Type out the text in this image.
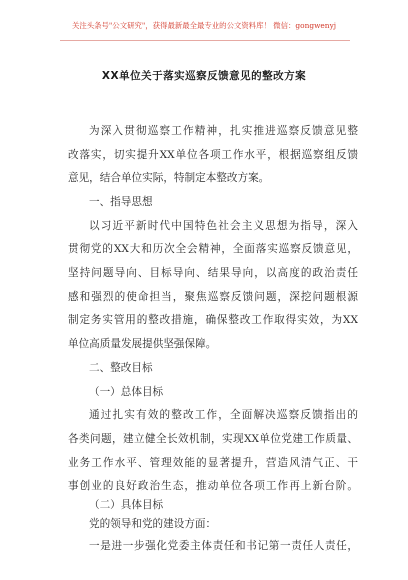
关注头条号"公文研究"，获得最新最全最专业的公文资料库！ 微信：gongwenyj
XX单位关于落实巡察反馈意见的整改方案
为深入贯彻巡察工作精神，扎实推进巡察反馈意见整
改落实，切实提升XX单位各项工作水平，根据巡察组反馈
意见，结合单位实际，特制定本整改方案。
一、指导思想
以习近平新时代中国特色社会主义思想为指导，深入
贯彻党的XX大和历次全会精神，全面落实巡察反馈意见，
坚持问题导向、目标导向、结果导向，以高度的政治责任
感和强烈的使命担当，聚焦巡察反馈问题，深挖问题根源
制定务实管用的整改措施，确保整改工作取得实效，为XX
单位高质量发展提供坚强保障。
二、整改目标
（一）总体目标
通过扎实有效的整改工作，全面解决巡察反馈指出的
各类问题，建立健全长效机制，实现XX单位党建工作质量、
业务工作水平、管理效能的显著提升，营造风清气正、干
事创业的良好政治生态，推动单位各项工作再上新台阶。
（二）具体目标
党的领导和党的建设方面：
一是进一步强化党委主体责任和书记第一责任人责任，
